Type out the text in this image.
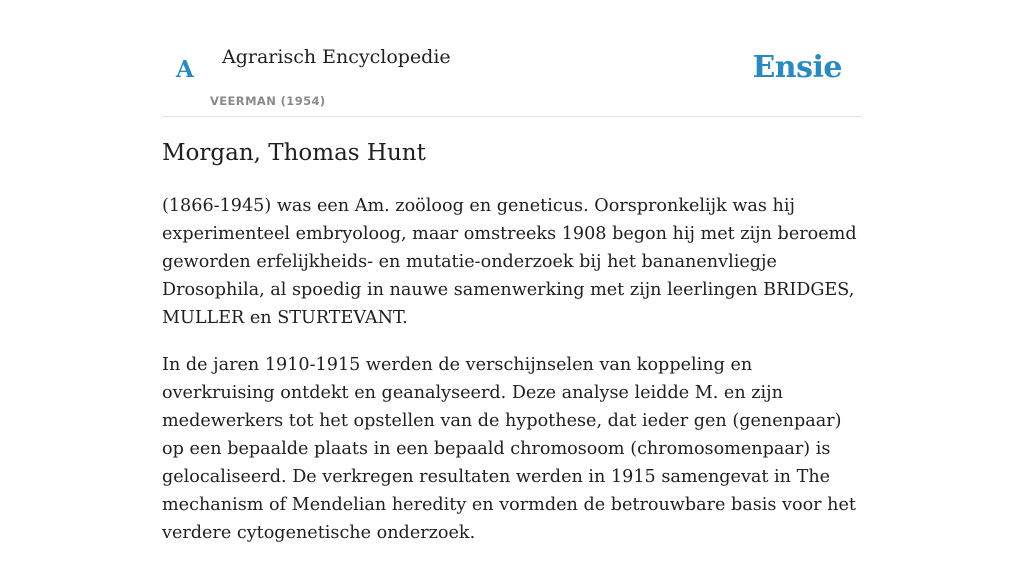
A Agrarisch Encyclopedie
VEERMAN (1954)
Ensie
Morgan, Thomas Hunt

(1866-1945) was een Am. zoöloog en geneticus. Oorspronkelijk was hij experimenteel embryoloog, maar omstreeks 1908 begon hij met zijn beroemd geworden erfelijkheids- en mutatie-onderzoek bij het bananenvliegje Drosophila, al spoedig in nauwe samenwerking met zijn leerlingen BRIDGES, MULLER en STURTEVANT.

In de jaren 1910-1915 werden de verschijnselen van koppeling en overkruising ontdekt en geanalyseerd. Deze analyse leidde M. en zijn medewerkers tot het opstellen van de hypothese, dat ieder gen (genenpaar) op een bepaalde plaats in een bepaald chromosoom (chromosomenpaar) is gelocaliseerd. De verkregen resultaten werden in 1915 samengevat in The mechanism of Mendelian heredity en vormden de betrouwbare basis voor het verdere cytogenetische onderzoek.
